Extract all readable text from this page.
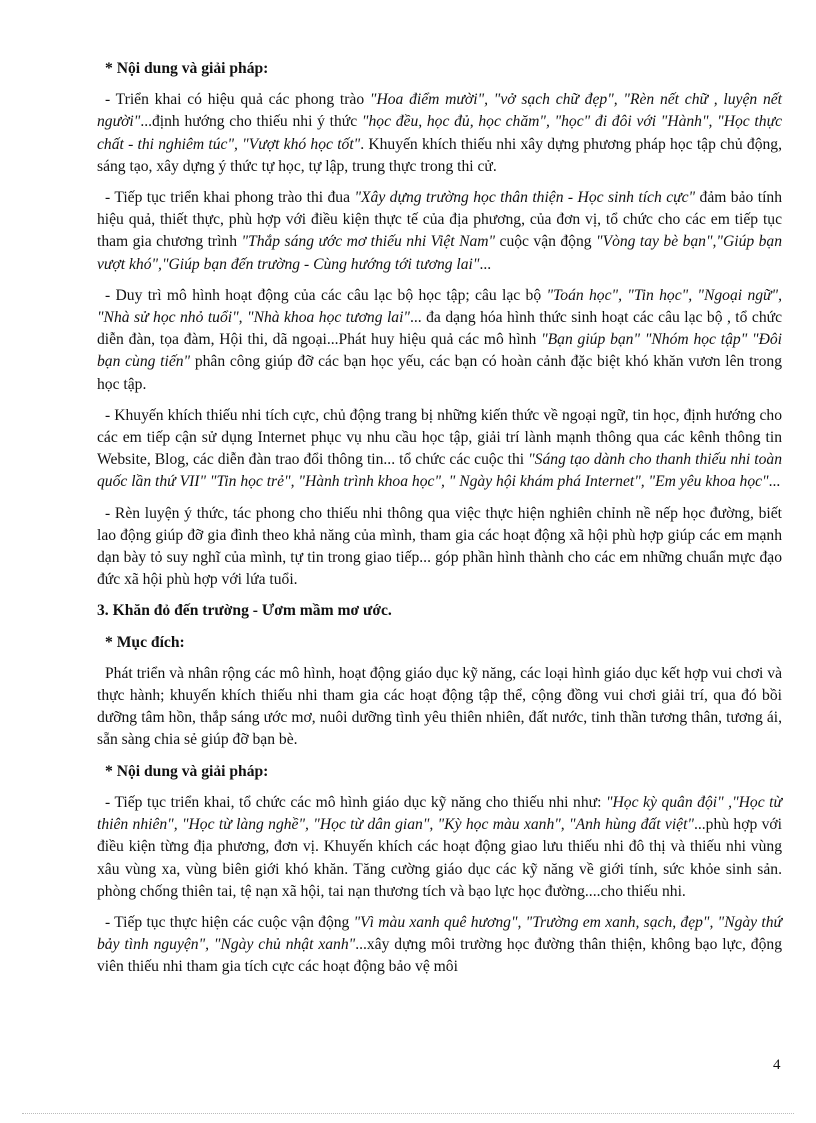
* Nội dung và giải pháp:

- Triển khai có hiệu quả các phong trào "Hoa điểm mười", "vở sạch chữ đẹp", "Rèn nết chữ , luyện nết người"...định hướng cho thiếu nhi ý thức "học đều, học đủ, học chăm", "học" đi đôi với "Hành", "Học thực chất - thi nghiêm túc", "Vượt khó học tốt". Khuyến khích thiếu nhi xây dựng phương pháp học tập chủ động, sáng tạo, xây dựng ý thức tự học, tự lập, trung thực trong thi cử.

- Tiếp tục triển khai phong trào thi đua "Xây dựng trường học thân thiện - Học sinh tích cực" đảm bảo tính hiệu quả, thiết thực, phù hợp với điều kiện thực tế của địa phương, của đơn vị, tổ chức cho các em tiếp tục tham gia chương trình "Thắp sáng ước mơ thiếu nhi Việt Nam" cuộc vận động "Vòng tay bè bạn","Giúp bạn vượt khó","Giúp bạn đến trường - Cùng hướng tới tương lai"...

- Duy trì mô hình hoạt động của các câu lạc bộ học tập; câu lạc bộ "Toán học", "Tin học", "Ngoại ngữ", "Nhà sử học nhỏ tuổi", "Nhà khoa học tương lai"... đa dạng hóa hình thức sinh hoạt các câu lạc bộ , tổ chức diễn đàn, tọa đàm, Hội thi, dã ngoại...Phát huy hiệu quả các mô hình "Bạn giúp bạn" "Nhóm học tập" "Đôi bạn cùng tiến" phân công giúp đỡ các bạn học yếu, các bạn có hoàn cảnh đặc biệt khó khăn vươn lên trong học tập.

- Khuyến khích thiếu nhi tích cực, chủ động trang bị những kiến thức về ngoại ngữ, tin học, định hướng cho các em tiếp cận sử dụng Internet phục vụ nhu cầu học tập, giải trí lành mạnh thông qua các kênh thông tin Website, Blog, các diễn đàn trao đổi thông tin... tổ chức các cuộc thi "Sáng tạo dành cho thanh thiếu nhi toàn quốc lần thứ VII" "Tin học trẻ", "Hành trình khoa học", " Ngày hội khám phá Internet", "Em yêu khoa học"...

- Rèn luyện ý thức, tác phong cho thiếu nhi thông qua việc thực hiện nghiên chỉnh nề nếp học đường, biết lao động giúp đỡ gia đình theo khả năng của mình, tham gia các hoạt động xã hội phù hợp giúp các em mạnh dạn bày tỏ suy nghĩ của mình, tự tin trong giao tiếp... góp phần hình thành cho các em những chuẩn mực đạo đức xã hội phù hợp với lứa tuổi.

3. Khăn đỏ đến trường - Ươm mầm mơ ước.

* Mục đích:

Phát triển và nhân rộng các mô hình, hoạt động giáo dục kỹ năng, các loại hình giáo dục kết hợp vui chơi và thực hành; khuyến khích thiếu nhi tham gia các hoạt động tập thể, cộng đồng vui chơi giải trí, qua đó bồi dưỡng tâm hồn, thắp sáng ước mơ, nuôi dưỡng tình yêu thiên nhiên, đất nước, tinh thần tương thân, tương ái, sẵn sàng chia sẻ giúp đỡ bạn bè.

* Nội dung và giải pháp:

- Tiếp tục triển khai, tổ chức các mô hình giáo dục kỹ năng cho thiếu nhi như: "Học kỳ quân đội" ,"Học từ thiên nhiên", "Học từ làng nghề", "Học từ dân gian", "Kỳ học màu xanh", "Anh hùng đất việt"...phù hợp với điều kiện từng địa phương, đơn vị. Khuyến khích các hoạt động giao lưu thiếu nhi đô thị và thiếu nhi vùng xâu vùng xa, vùng biên giới khó khăn. Tăng cường giáo dục các kỹ năng về giới tính, sức khỏe sinh sản. phòng chống thiên tai, tệ nạn xã hội, tai nạn thương tích và bạo lực học đường....cho thiếu nhi.

- Tiếp tục thực hiện các cuộc vận động "Vì màu xanh quê hương", "Trường em xanh, sạch, đẹp", "Ngày thứ bảy tình nguyện", "Ngày chủ nhật xanh"...xây dựng môi trường học đường thân thiện, không bạo lực, động viên thiếu nhi tham gia tích cực các hoạt động bảo vệ môi

4
